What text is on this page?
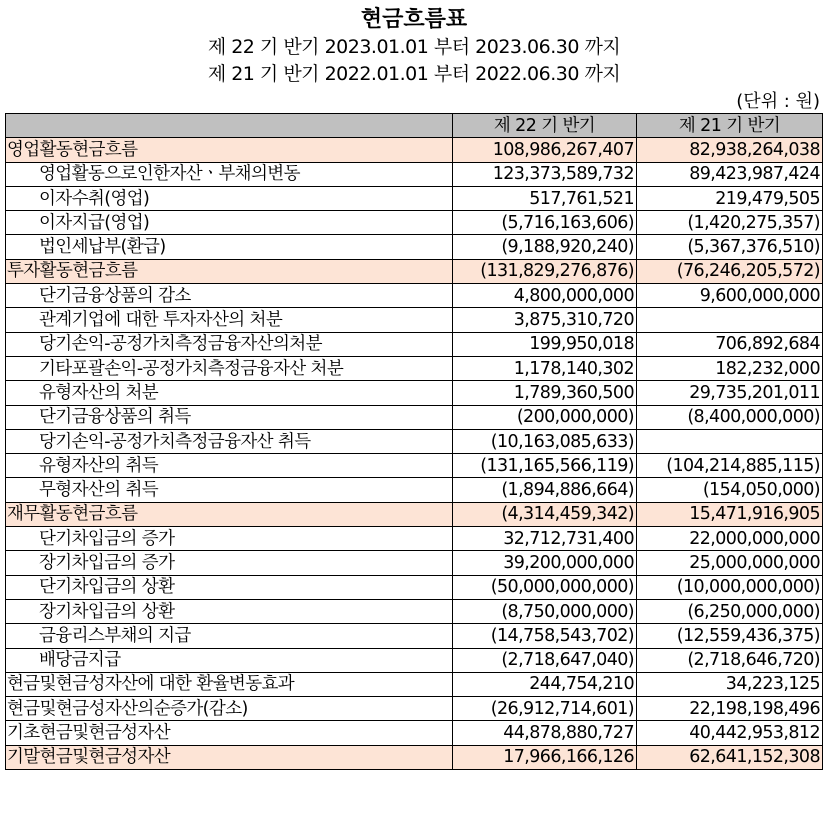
현금흐름표
제 22 기 반기 2023.01.01 부터 2023.06.30 까지
제 21 기 반기 2022.01.01 부터 2022.06.30 까지
(단위 : 원)
	제 22 기 반기	제 21 기 반기
영업활동현금흐름	108,986,267,407	82,938,264,038
영업활동으로인한자산ㆍ부채의변동	123,373,589,732	89,423,987,424
이자수취(영업)	517,761,521	219,479,505
이자지급(영업)	(5,716,163,606)	(1,420,275,357)
법인세납부(환급)	(9,188,920,240)	(5,367,376,510)
투자활동현금흐름	(131,829,276,876)	(76,246,205,572)
단기금융상품의 감소	4,800,000,000	9,600,000,000
관계기업에 대한 투자자산의 처분	3,875,310,720	
당기손익-공정가치측정금융자산의처분	199,950,018	706,892,684
기타포괄손익-공정가치측정금융자산 처분	1,178,140,302	182,232,000
유형자산의 처분	1,789,360,500	29,735,201,011
단기금융상품의 취득	(200,000,000)	(8,400,000,000)
당기손익-공정가치측정금융자산 취득	(10,163,085,633)	
유형자산의 취득	(131,165,566,119)	(104,214,885,115)
무형자산의 취득	(1,894,886,664)	(154,050,000)
재무활동현금흐름	(4,314,459,342)	15,471,916,905
단기차입금의 증가	32,712,731,400	22,000,000,000
장기차입금의 증가	39,200,000,000	25,000,000,000
단기차입금의 상환	(50,000,000,000)	(10,000,000,000)
장기차입금의 상환	(8,750,000,000)	(6,250,000,000)
금융리스부채의 지급	(14,758,543,702)	(12,559,436,375)
배당금지급	(2,718,647,040)	(2,718,646,720)
현금및현금성자산에 대한 환율변동효과	244,754,210	34,223,125
현금및현금성자산의순증가(감소)	(26,912,714,601)	22,198,198,496
기초현금및현금성자산	44,878,880,727	40,442,953,812
기말현금및현금성자산	17,966,166,126	62,641,152,308
